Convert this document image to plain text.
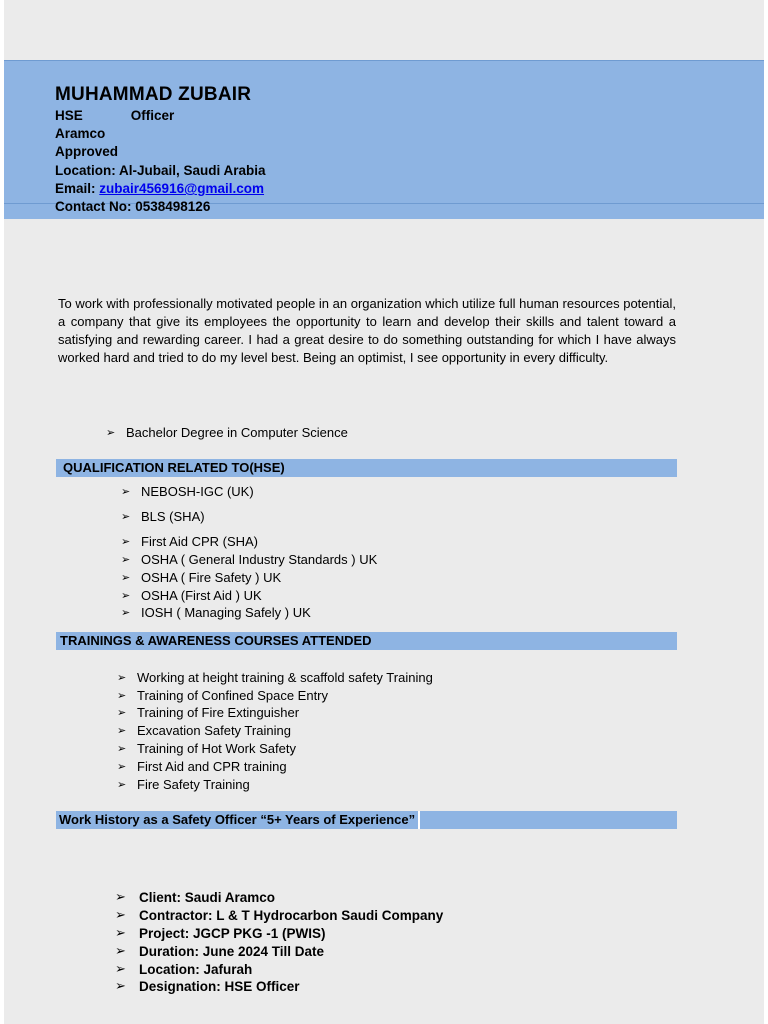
MUHAMMAD ZUBAIR
HSE	Officer
Aramco
Approved
Location: Al-Jubail, Saudi Arabia
Email: zubair456916@gmail.com
Contact No: 0538498126
To work with professionally motivated people in an organization which utilize full human resources potential, a company that give its employees the opportunity to learn and develop their skills and talent toward a satisfying and rewarding career. I had a great desire to do something outstanding for which I have always worked hard and tried to do my level best. Being an optimist, I see opportunity in every difficulty.
➢ Bachelor Degree in Computer Science
QUALIFICATION RELATED TO(HSE)
➢ NEBOSH-IGC (UK)
➢ BLS (SHA)
➢ First Aid CPR (SHA)
➢ OSHA ( General Industry Standards ) UK
➢ OSHA ( Fire Safety ) UK
➢ OSHA (First Aid ) UK
➢ IOSH ( Managing Safely ) UK
TRAININGS & AWARENESS COURSES ATTENDED
➢ Working at height training & scaffold safety Training
➢ Training of Confined Space Entry
➢ Training of Fire Extinguisher
➢ Excavation Safety Training
➢ Training of Hot Work Safety
➢ First Aid and CPR training
➢ Fire Safety Training
Work History as a Safety Officer “5+ Years of Experience”
➢ Client: Saudi Aramco
➢ Contractor: L & T Hydrocarbon Saudi Company
➢ Project: JGCP PKG -1 (PWIS)
➢ Duration: June 2024 Till Date
➢ Location: Jafurah
➢ Designation: HSE Officer
